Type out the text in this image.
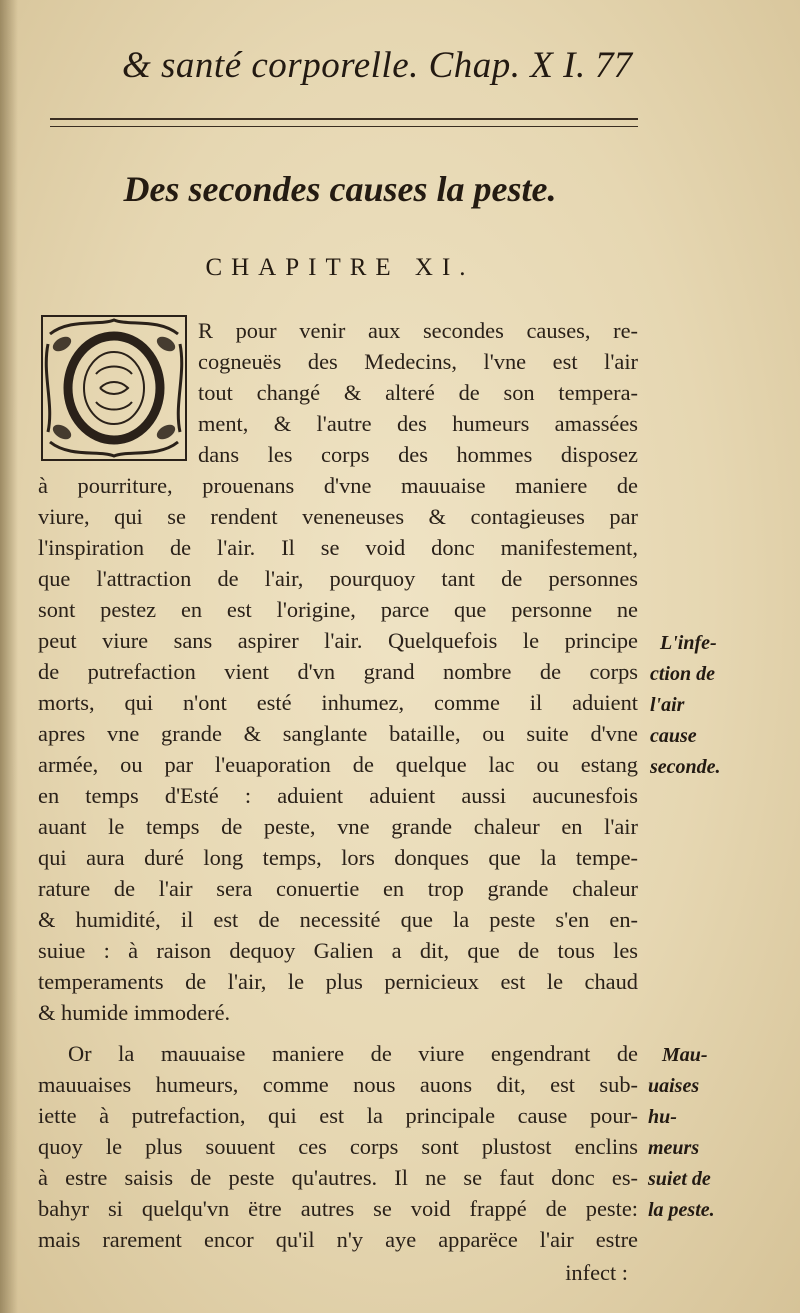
& santé corporelle. Chap. X I. 77
Des secondes causes la peste.
CHAPITRE XI.
R pour venir aux secondes causes, re-
cogneuës des Medecins, l'vne est l'air
tout changé & alteré de son tempera-
ment, & l'autre des humeurs amassées
dans les corps des hommes disposez
à pourriture, prouenans d'vne mauuaise maniere de
viure, qui se rendent veneneuses & contagieuses par
l'inspiration de l'air. Il se void donc manifestement,
que l'attraction de l'air, pourquoy tant de personnes
sont pestez en est l'origine, parce que personne ne
peut viure sans aspirer l'air. Quelquefois le principe
de putrefaction vient d'vn grand nombre de corps
morts, qui n'ont esté inhumez, comme il aduient
apres vne grande & sanglante bataille, ou suite d'vne
armée, ou par l'euaporation de quelque lac ou estang
en temps d'Esté : aduient aduient aussi aucunesfois
auant le temps de peste, vne grande chaleur en l'air
qui aura duré long temps, lors donques que la tempe-
rature de l'air sera conuertie en trop grande chaleur
& humidité, il est de necessité que la peste s'en en-
suiue : à raison dequoy Galien a dit, que de tous les
temperaments de l'air, le plus pernicieux est le chaud
& humide immoderé.
Or la mauuaise maniere de viure engendrant de
mauuaises humeurs, comme nous auons dit, est sub-
iette à putrefaction, qui est la principale cause pour-
quoy le plus souuent ces corps sont plustost enclins
à estre saisis de peste qu'autres. Il ne se faut donc es-
bahyr si quelqu'vn ëtre autres se void frappé de peste:
mais rarement encor qu'il n'y aye apparëce l'air estre
infect :
L'infe-
ction de
l'air
cause
seconde.
Mau-
uaises
hu-
meurs
suiet de
la peste.
